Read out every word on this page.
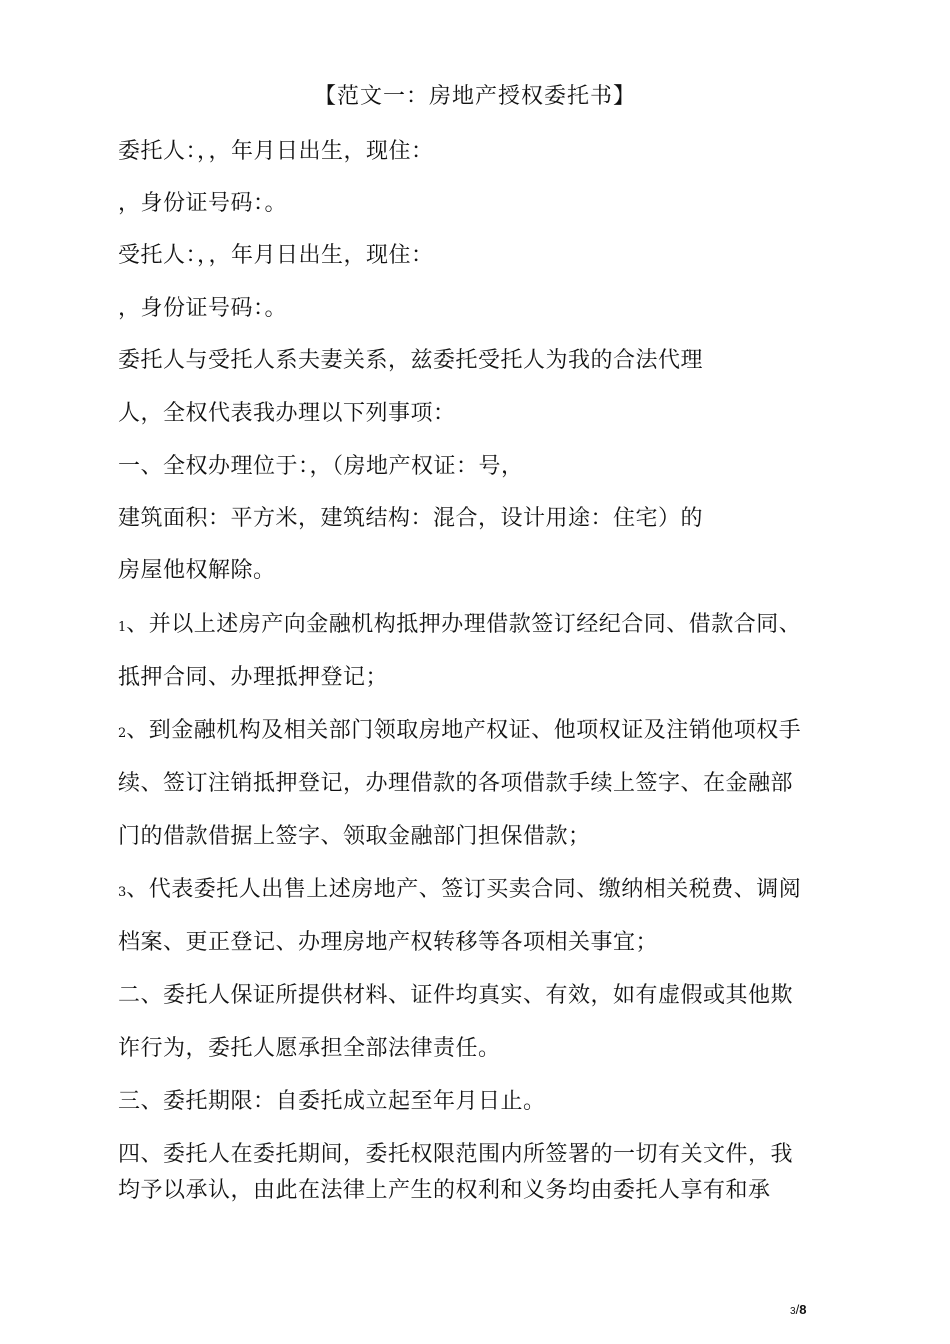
【范文一：房地产授权委托书】
委托人：，，年月日出生，现住：
，身份证号码：。
受托人：，，年月日出生，现住：
，身份证号码：。
委托人与受托人系夫妻关系，兹委托受托人为我的合法代理
人，全权代表我办理以下列事项：
一、全权办理位于：，（房地产权证：号，
建筑面积：平方米，建筑结构：混合，设计用途：住宅）的
房屋他权解除。
1、并以上述房产向金融机构抵押办理借款签订经纪合同、借款合同、
抵押合同、办理抵押登记；
2、到金融机构及相关部门领取房地产权证、他项权证及注销他项权手
续、签订注销抵押登记，办理借款的各项借款手续上签字、在金融部
门的借款借据上签字、领取金融部门担保借款；
3、代表委托人出售上述房地产、签订买卖合同、缴纳相关税费、调阅
档案、更正登记、办理房地产权转移等各项相关事宜；
二、委托人保证所提供材料、证件均真实、有效，如有虚假或其他欺
诈行为，委托人愿承担全部法律责任。
三、委托期限：自委托成立起至年月日止。
四、委托人在委托期间，委托权限范围内所签署的一切有关文件，我
均予以承认，由此在法律上产生的权利和义务均由委托人享有和承
3/8
